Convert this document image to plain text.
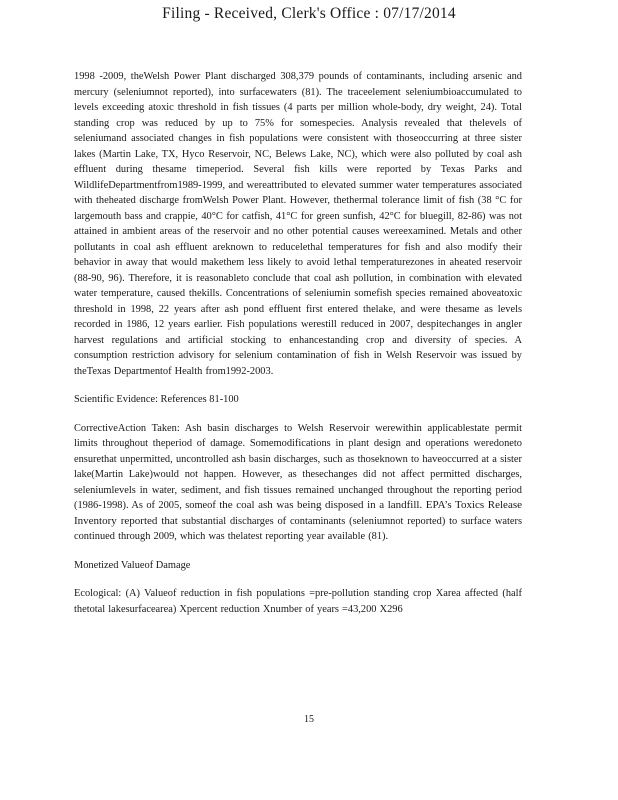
Filing - Received, Clerk's Office : 07/17/2014

1998 -2009, theWelsh Power Plant discharged 308,379 pounds of contaminants, including arsenic and mercury (seleniumnot reported), into surfacewaters (81). The traceelement seleniumbioaccumulated to levels exceeding atoxic threshold in fish tissues (4 parts per million whole-body, dry weight, 24). Total standing crop was reduced by up to 75% for somespecies. Analysis revealed that thelevels of seleniumand associated changes in fish populations were consistent with thoseoccurring at three sister lakes (Martin Lake, TX, Hyco Reservoir, NC, Belews Lake, NC), which were also polluted by coal ash effluent during thesame timeperiod. Several fish kills were reported by Texas Parks and WildlifeDepartmentfrom1989-1999, and wereattributed to elevated summer water temperatures associated with theheated discharge fromWelsh Power Plant. However, thethermal tolerance limit of fish (38 °C for largemouth bass and crappie, 40°C for catfish, 41°C for green sunfish, 42°C for bluegill, 82-86) was not attained in ambient areas of the reservoir and no other potential causes wereexamined. Metals and other pollutants in coal ash effluent areknown to reducelethal temperatures for fish and also modify their behavior in away that would makethem less likely to avoid lethal temperaturezones in aheated reservoir (88-90, 96). Therefore, it is reasonableto conclude that coal ash pollution, in combination with elevated water temperature, caused thekills. Concentrations of seleniumin somefish species remained aboveatoxic threshold in 1998, 22 years after ash pond effluent first entered thelake, and were thesame as levels recorded in 1986, 12 years earlier. Fish populations werestill reduced in 2007, despitechanges in angler harvest regulations and artificial stocking to enhancestanding crop and diversity of species. A consumption restriction advisory for selenium contamination of fish in Welsh Reservoir was issued by theTexas Departmentof Health from1992-2003.

Scientific Evidence: References 81-100

CorrectiveAction Taken: Ash basin discharges to Welsh Reservoir werewithin applicablestate permit limits throughout theperiod of damage. Somemodifications in plant design and operations weredoneto ensurethat unpermitted, uncontrolled ash basin discharges, such as thoseknown to haveoccurred at a sister lake(Martin Lake)would not happen. However, as thesechanges did not affect permitted discharges, seleniumlevels in water, sediment, and fish tissues remained unchanged throughout the reporting period (1986-1998). As of 2005, someof the coal ash was being disposed in a landfill. EPA’s Toxics Release Inventory reported that substantial discharges of contaminants (seleniumnot reported) to surface waters continued through 2009, which was thelatest reporting year available (81).

Monetized Valueof Damage

Ecological: (A) Valueof reduction in fish populations =pre-pollution standing crop Xarea affected (half thetotal lakesurfacearea) Xpercent reduction Xnumber of years =43,200 X296

15
